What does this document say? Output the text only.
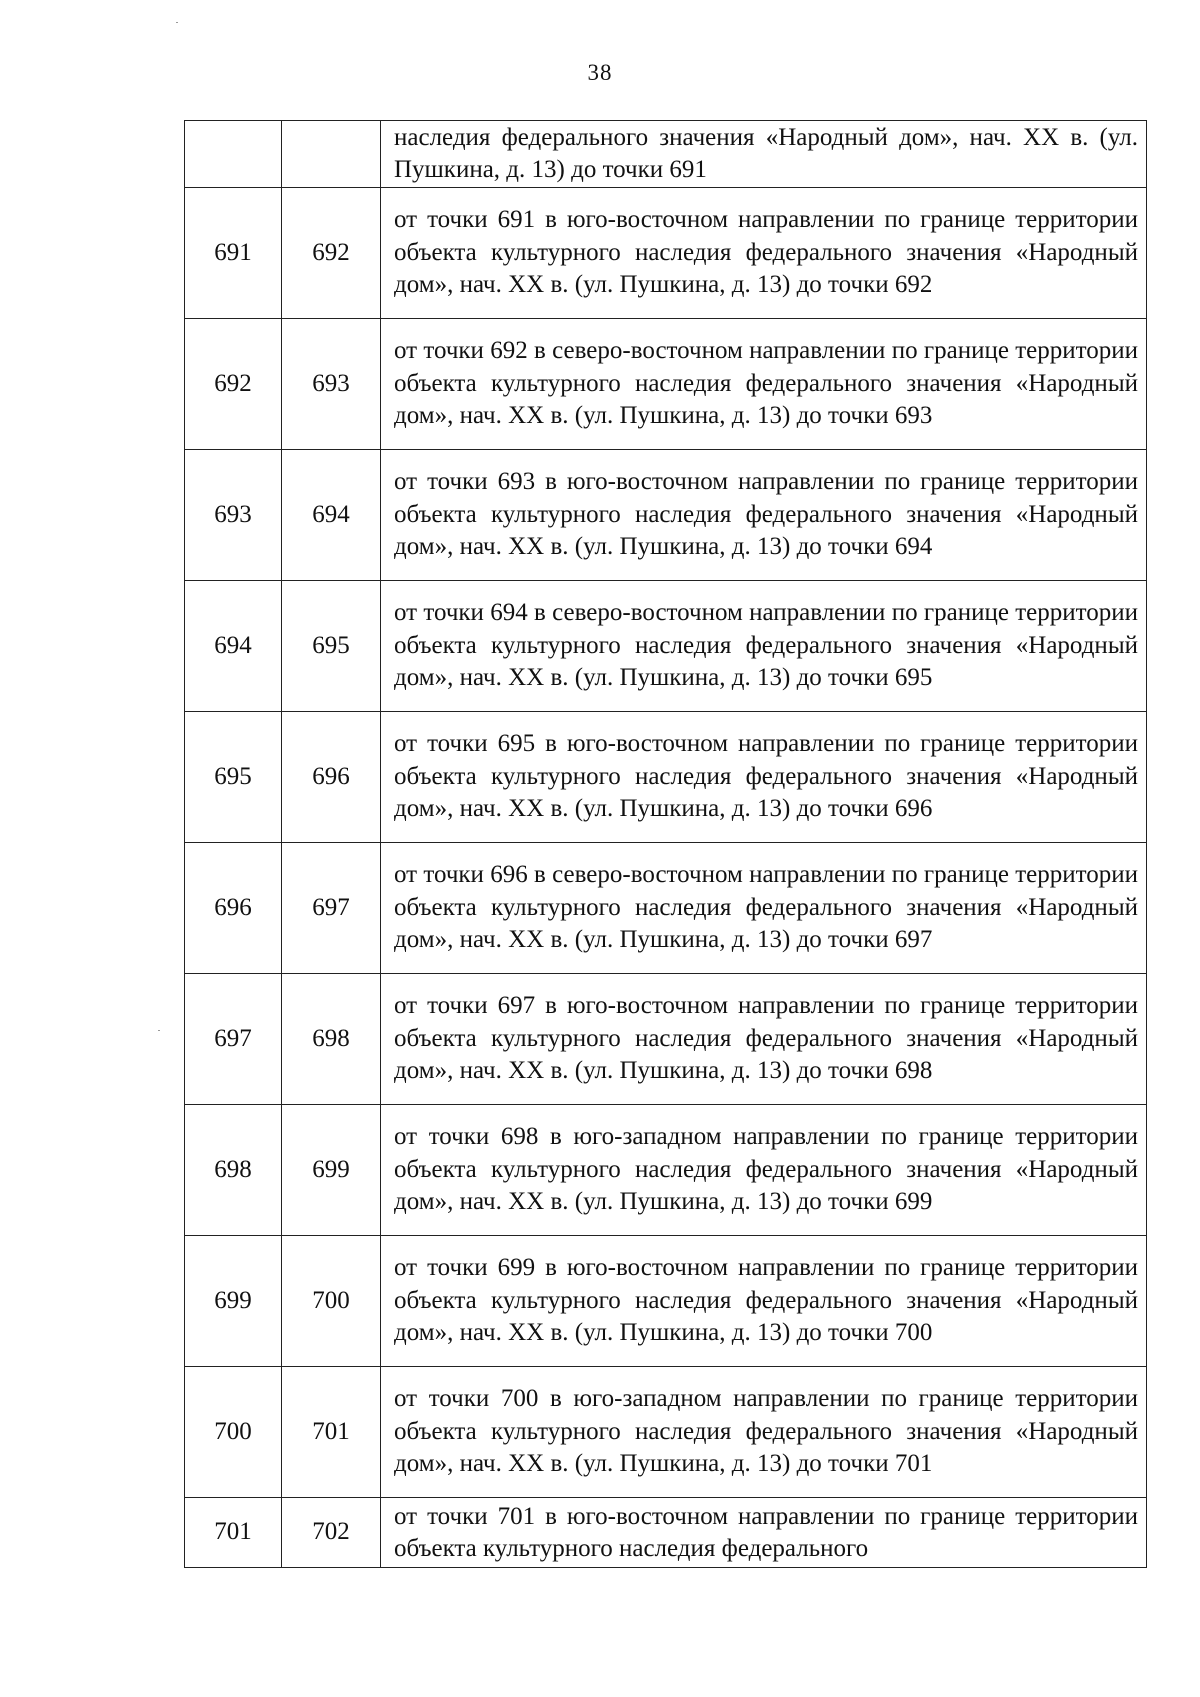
38
		наследия федерального значения «Народный дом», нач. XX в. (ул. Пушкина, д. 13) до точки 691
691	692	от точки 691 в юго-восточном направлении по границе территории объекта культурного наследия федерального значения «Народный дом», нач. XX в. (ул. Пушкина, д. 13) до точки 692
692	693	от точки 692 в северо-восточном направлении по границе территории объекта культурного наследия федерального значения «Народный дом», нач. XX в. (ул. Пушкина, д. 13) до точки 693
693	694	от точки 693 в юго-восточном направлении по границе территории объекта культурного наследия федерального значения «Народный дом», нач. XX в. (ул. Пушкина, д. 13) до точки 694
694	695	от точки 694 в северо-восточном направлении по границе территории объекта культурного наследия федерального значения «Народный дом», нач. XX в. (ул. Пушкина, д. 13) до точки 695
695	696	от точки 695 в юго-восточном направлении по границе территории объекта культурного наследия федерального значения «Народный дом», нач. XX в. (ул. Пушкина, д. 13) до точки 696
696	697	от точки 696 в северо-восточном направлении по границе территории объекта культурного наследия федерального значения «Народный дом», нач. XX в. (ул. Пушкина, д. 13) до точки 697
697	698	от точки 697 в юго-восточном направлении по границе территории объекта культурного наследия федерального значения «Народный дом», нач. XX в. (ул. Пушкина, д. 13) до точки 698
698	699	от точки 698 в юго-западном направлении по границе территории объекта культурного наследия федерального значения «Народный дом», нач. XX в. (ул. Пушкина, д. 13) до точки 699
699	700	от точки 699 в юго-восточном направлении по границе территории объекта культурного наследия федерального значения «Народный дом», нач. XX в. (ул. Пушкина, д. 13) до точки 700
700	701	от точки 700 в юго-западном направлении по границе территории объекта культурного наследия федерального значения «Народный дом», нач. XX в. (ул. Пушкина, д. 13) до точки 701
701	702	от точки 701 в юго-восточном направлении по границе территории объекта культурного наследия федерального
